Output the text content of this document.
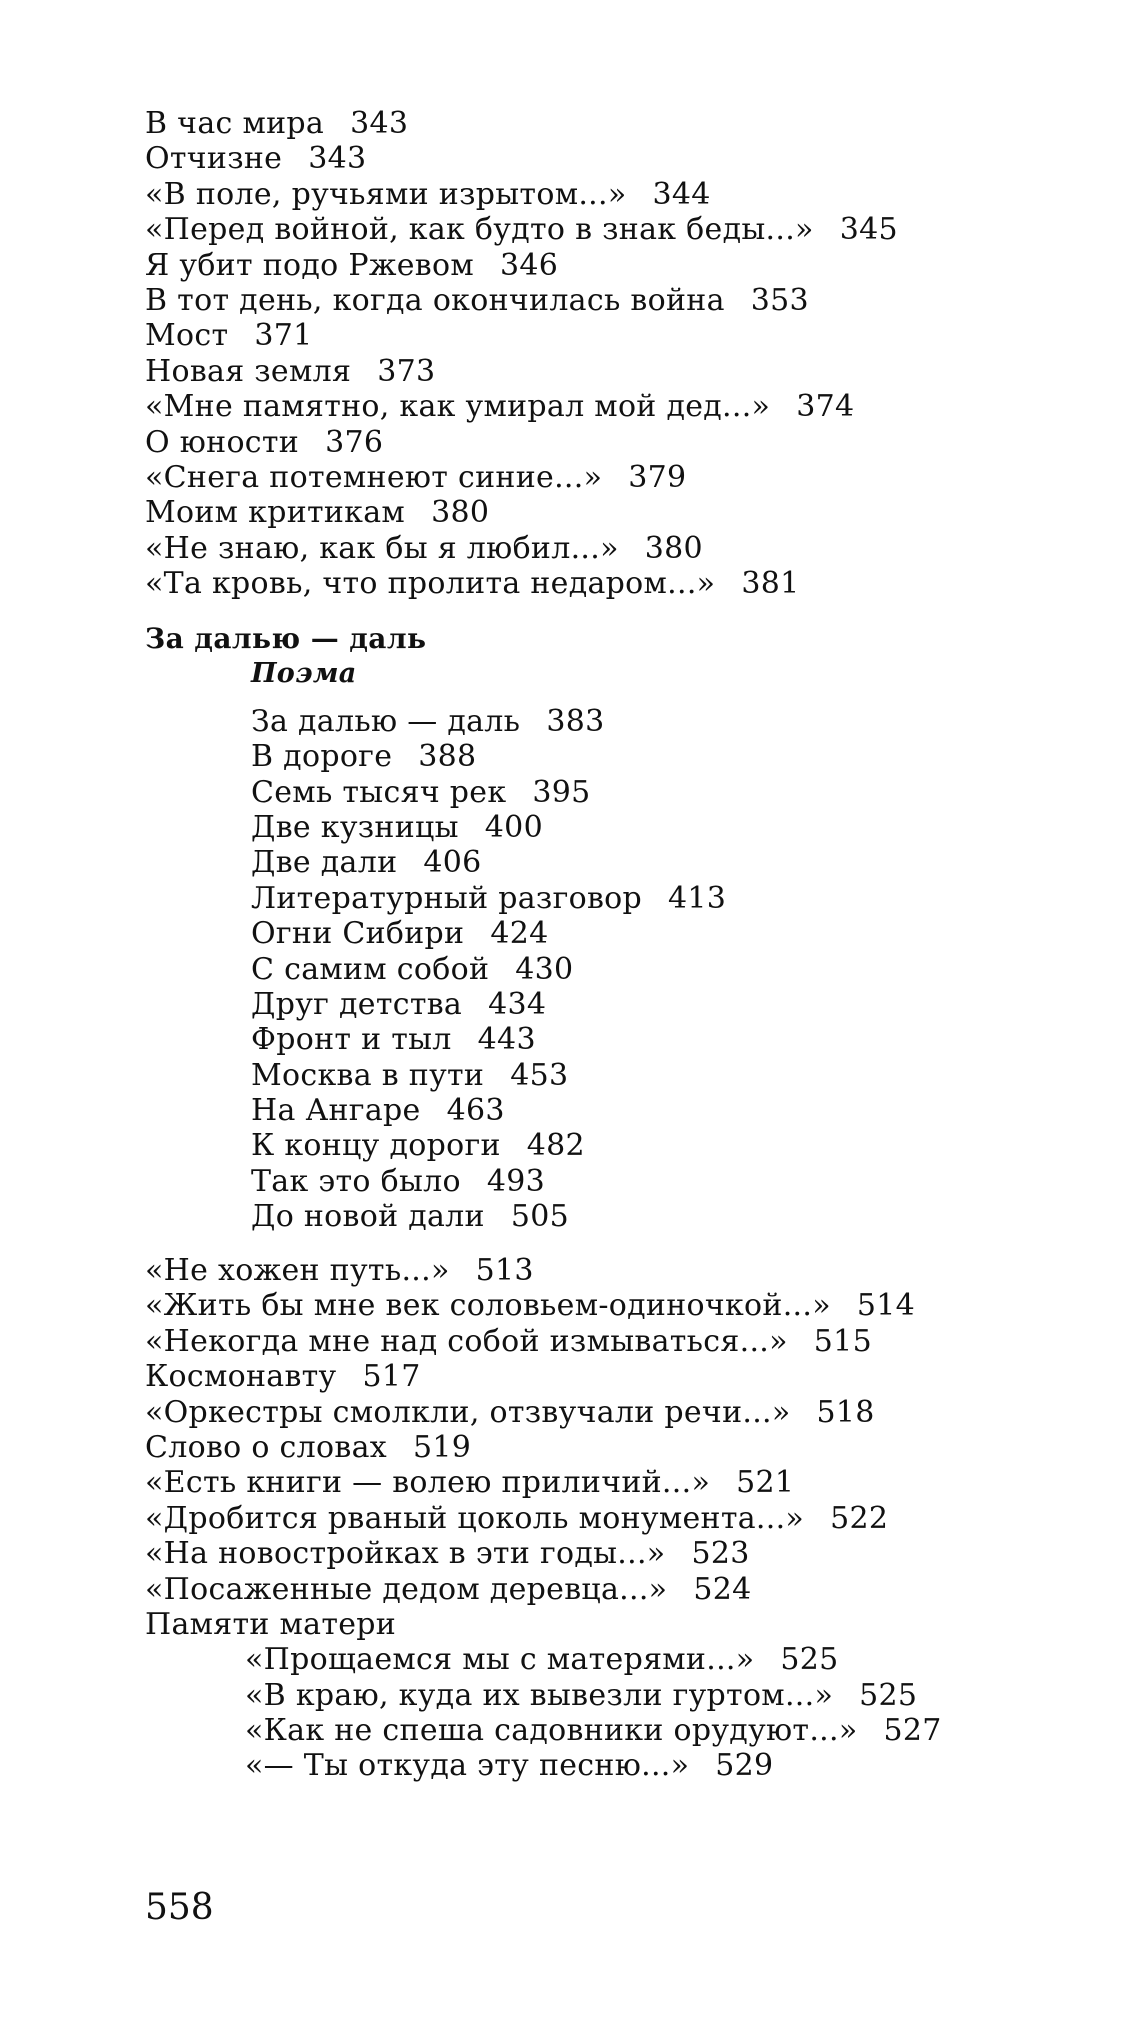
В час мира 343
Отчизне 343
«В поле, ручьями изрытом...» 344
«Перед войной, как будто в знак беды...» 345
Я убит подо Ржевом 346
В тот день, когда окончилась война 353
Мост 371
Новая земля 373
«Мне памятно, как умирал мой дед...» 374
О юности 376
«Снега потемнеют синие...» 379
Моим критикам 380
«Не знаю, как бы я любил...» 380
«Та кровь, что пролита недаром...» 381
За далью — даль
Поэма
За далью — даль 383
В дороге 388
Семь тысяч рек 395
Две кузницы 400
Две дали 406
Литературный разговор 413
Огни Сибири 424
С самим собой 430
Друг детства 434
Фронт и тыл 443
Москва в пути 453
На Ангаре 463
К концу дороги 482
Так это было 493
До новой дали 505
«Не хожен путь...» 513
«Жить бы мне век соловьем-одиночкой...» 514
«Некогда мне над собой измываться...» 515
Космонавту 517
«Оркестры смолкли, отзвучали речи...» 518
Слово о словах 519
«Есть книги — волею приличий...» 521
«Дробится рваный цоколь монумента...» 522
«На новостройках в эти годы...» 523
«Посаженные дедом деревца...» 524
Памяти матери
«Прощаемся мы с матерями...» 525
«В краю, куда их вывезли гуртом...» 525
«Как не спеша садовники орудуют...» 527
«— Ты откуда эту песню...» 529
558
